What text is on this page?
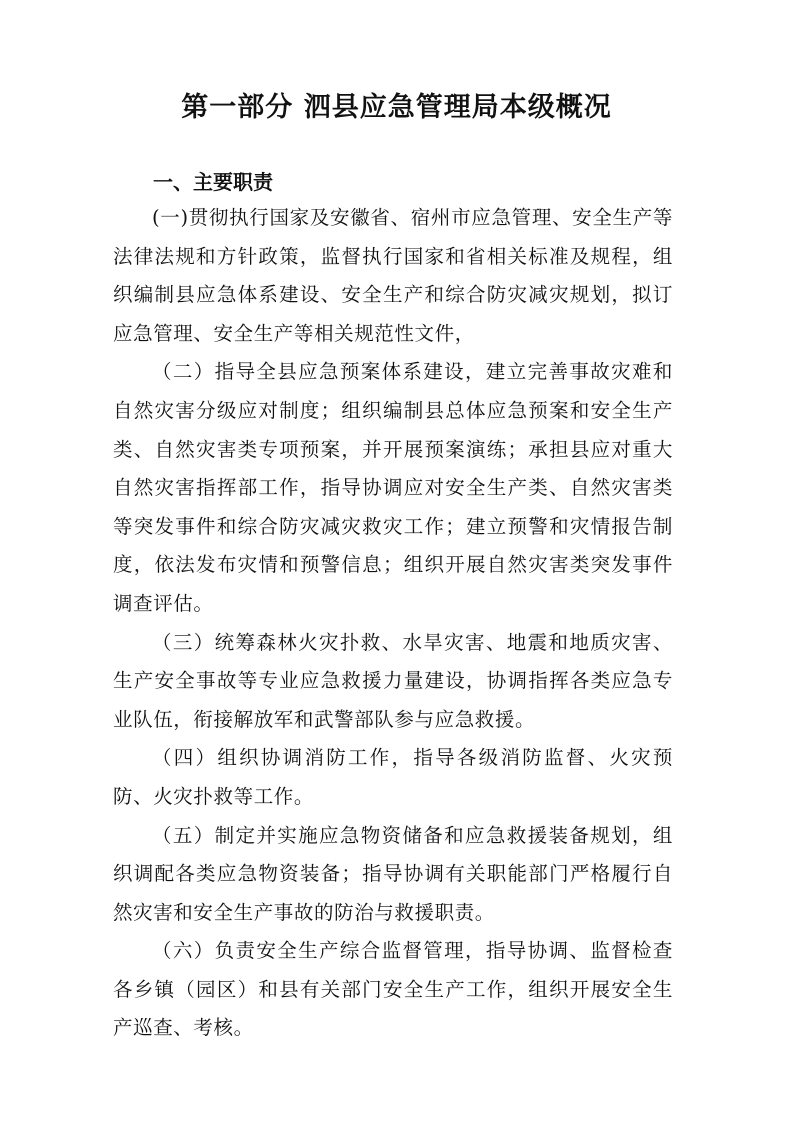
第一部分 泗县应急管理局本级概况
一、主要职责

(一)贯彻执行国家及安徽省、宿州市应急管理、安全生产等法律法规和方针政策，监督执行国家和省相关标准及规程，组织编制县应急体系建设、安全生产和综合防灾减灾规划，拟订应急管理、安全生产等相关规范性文件，

（二）指导全县应急预案体系建设，建立完善事故灾难和自然灾害分级应对制度；组织编制县总体应急预案和安全生产类、自然灾害类专项预案，并开展预案演练；承担县应对重大自然灾害指挥部工作，指导协调应对安全生产类、自然灾害类等突发事件和综合防灾减灾救灾工作；建立预警和灾情报告制度，依法发布灾情和预警信息；组织开展自然灾害类突发事件调查评估。

（三）统筹森林火灾扑救、水旱灾害、地震和地质灾害、生产安全事故等专业应急救援力量建设，协调指挥各类应急专业队伍，衔接解放军和武警部队参与应急救援。

（四）组织协调消防工作，指导各级消防监督、火灾预防、火灾扑救等工作。

（五）制定并实施应急物资储备和应急救援装备规划，组织调配各类应急物资装备；指导协调有关职能部门严格履行自然灾害和安全生产事故的防治与救援职责。

（六）负责安全生产综合监督管理，指导协调、监督检查各乡镇（园区）和县有关部门安全生产工作，组织开展安全生产巡查、考核。
